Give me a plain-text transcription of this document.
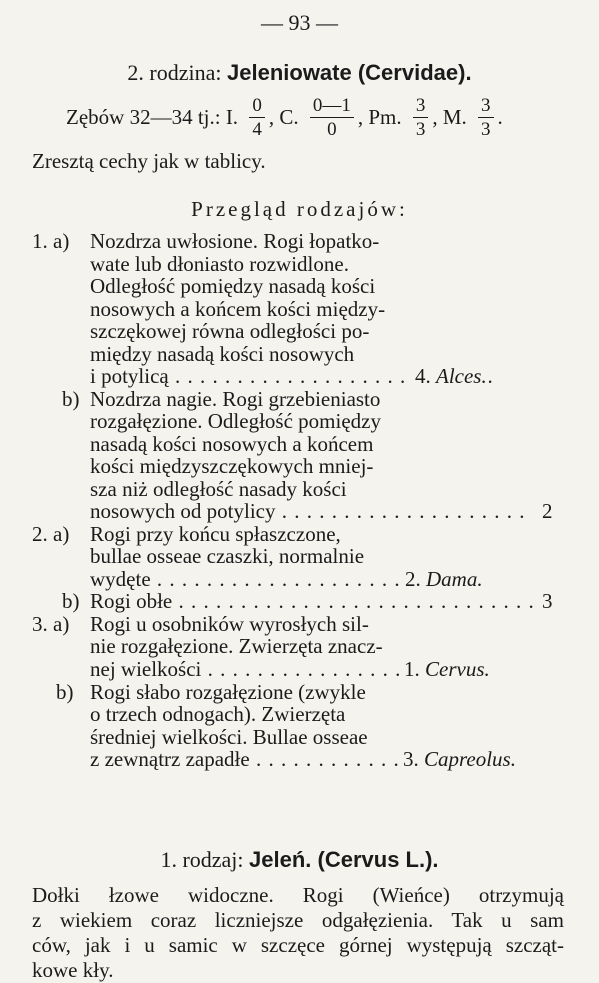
— 93 —
2. rodzina: Jeleniowate (Cervidae).
Zębów 32—34 tj.: I. $\frac{0}{4}$ , C. $\frac{0—1}{0}$ , Pm. $\frac{3}{3}$ , M. $\frac{3}{3}$ .
Zresztą cechy jak w tablicy.
Przegląd rodzajów:
1. a) Nozdrza uwłosione. Rogi łopatko-
wate lub dłoniasto rozwidlone.
Odległość pomiędzy nasadą kości
nosowych a końcem kości między-
szczękowej równa odległości po-
między nasadą kości nosowych
i potylicą . . .	4. Alces.
b) Nozdrza nagie. Rogi grzebieniasto
rozgałęzione. Odległość pomiędzy
nasadą kości nosowych a końcem
kości międzyszczękowych mniej-
sza niż odległość nasady kości
nosowych od potylicy . . .	2
2. a) Rogi przy końcu spłaszczone,
bullae osseae czaszki, normalnie
wydęte . . .	2. Dama.
b) Rogi obłe . . .	3
3. a) Rogi u osobników wyrosłych sil-
nie rozgałęzione. Zwierzęta znacz-
nej wielkości . . .	1. Cervus.
b) Rogi słabo rozgałęzione (zwykle
o trzech odnogach). Zwierzęta
średniej wielkości. Bullae osseae
z zewnątrz zapadłe . . .	3. Capreolus.
1. rodzaj: Jeleń. (Cervus L.).
Dołki łzowe widoczne. Rogi (Wieńce) otrzymują
z wiekiem coraz liczniejsze odgałęzienia. Tak u sam
ców, jak i u samic w szczęce górnej występują szcząt-
kowe kły.
